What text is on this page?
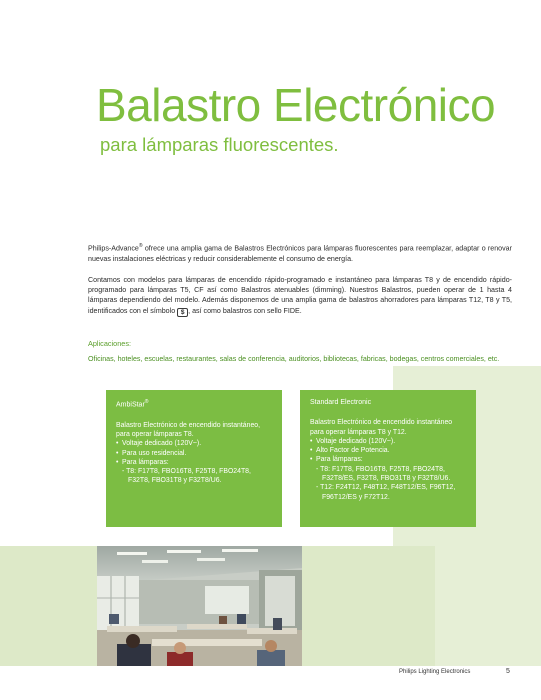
Balastro Electrónico
para lámparas fluorescentes.

Philips-Advance® ofrece una amplia gama de Balastros Electrónicos para lámparas fluorescentes para reemplazar, adaptar o renovar nuevas instalaciones eléctricas y reducir considerablemente el consumo de energía.

Contamos con modelos para lámparas de encendido rápido-programado e instantáneo para lámparas T8 y de encendido rápido-programado para lámparas T5, CF así como Balastros atenuables (dimming). Nuestros Balastros, pueden operar de 1 hasta 4 lámparas dependiendo del modelo. Además disponemos de una amplia gama de balastros ahorradores para lámparas T12, T8 y T5, identificados con el símbolo $ , así como balastros con sello FIDE.

Aplicaciones:
Oficinas, hoteles, escuelas, restaurantes, salas de conferencia, auditorios, bibliotecas, fabricas, bodegas, centros comerciales, etc.
AmbiStar®
Balastro Electrónico de encendido instantáneo, para operar lámparas T8.
• Voltaje dedicado (120V~).
• Para uso residencial.
• Para lámparas:
- T8: F17T8, FBO16T8, F25T8, FBO24T8, F32T8, FBO31T8 y F32T8/U6.
Standard Electronic
Balastro Electrónico de encendido instantáneo para operar lámparas T8 y T12.
• Voltaje dedicado (120V~).
• Alto Factor de Potencia.
• Para lámparas:
- T8: F17T8, FBO16T8, F25T8, FBO24T8, F32T8/ES, F32T8, FBO31T8 y F32T8/U6.
- T12: F24T12, F48T12, F48T12/ES, F96T12, F96T12/ES y F72T12.
Philips Lighting Electronics	5
